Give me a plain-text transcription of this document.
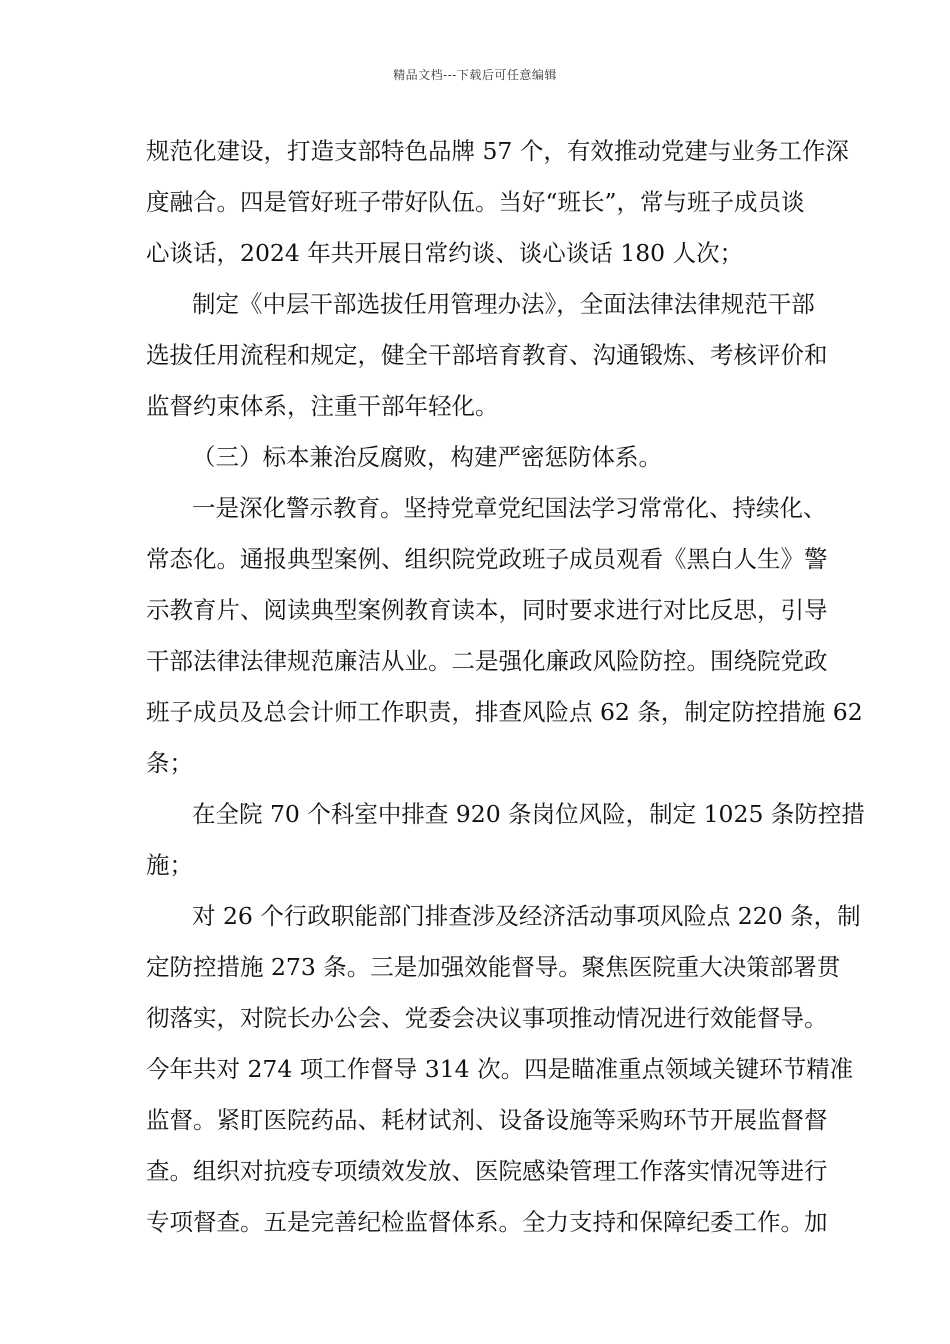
精品文档---下载后可任意编辑
规范化建设，打造支部特色品牌 57 个，有效推动党建与业务工作深
度融合。四是管好班子带好队伍。当好“班长”，常与班子成员谈
心谈话，2024 年共开展日常约谈、谈心谈话 180 人次；
制定《中层干部选拔任用管理办法》，全面法律法律规范干部
选拔任用流程和规定，健全干部培育教育、沟通锻炼、考核评价和
监督约束体系，注重干部年轻化。
（三）标本兼治反腐败，构建严密惩防体系。
一是深化警示教育。坚持党章党纪国法学习常常化、持续化、
常态化。通报典型案例、组织院党政班子成员观看《黑白人生》警
示教育片、阅读典型案例教育读本，同时要求进行对比反思，引导
干部法律法律规范廉洁从业。二是强化廉政风险防控。围绕院党政
班子成员及总会计师工作职责，排查风险点 62 条，制定防控措施 62
条；
在全院 70 个科室中排查 920 条岗位风险，制定 1025 条防控措
施；
对 26 个行政职能部门排查涉及经济活动事项风险点 220 条，制
定防控措施 273 条。三是加强效能督导。聚焦医院重大决策部署贯
彻落实，对院长办公会、党委会决议事项推动情况进行效能督导。
今年共对 274 项工作督导 314 次。四是瞄准重点领域关键环节精准
监督。紧盯医院药品、耗材试剂、设备设施等采购环节开展监督督
查。组织对抗疫专项绩效发放、医院感染管理工作落实情况等进行
专项督查。五是完善纪检监督体系。全力支持和保障纪委工作。加
